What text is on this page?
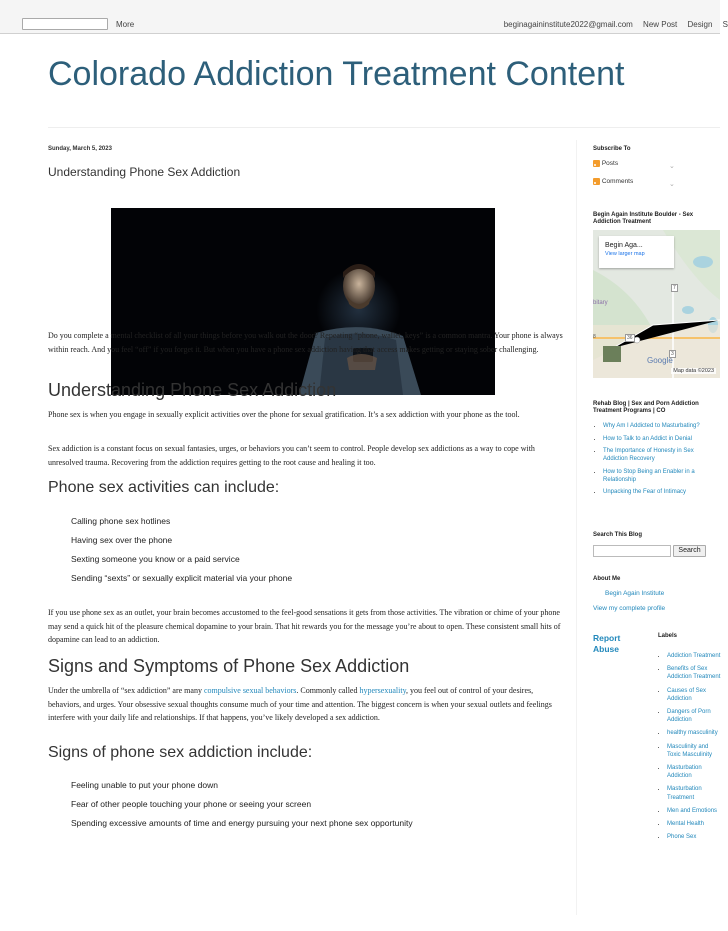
More	beginagaininstitute2022@gmail.com New Post Design S
Colorado Addiction Treatment Content
Sunday, March 5, 2023
Understanding Phone Sex Addiction

Do you complete a mental checklist of all your things before you walk out the door? Repeating “phone, wallet, keys” is a common mantra. Your phone is always within reach. And you feel “off” if you forget it. But when you have a phone sex addiction having that access makes getting or staying sober challenging.

Understanding Phone Sex Addiction

Phone sex is when you engage in sexually explicit activities over the phone for sexual gratification. It’s a sex addiction with your phone as the tool.

Sex addiction is a constant focus on sexual fantasies, urges, or behaviors you can’t seem to control. People develop sex addictions as a way to cope with unresolved trauma. Recovering from the addiction requires getting to the root cause and healing it too.

Phone sex activities can include:
Calling phone sex hotlines
Having sex over the phone
Sexting someone you know or a paid service
Sending “sexts” or sexually explicit material via your phone

If you use phone sex as an outlet, your brain becomes accustomed to the feel-good sensations it gets from those activities. The vibration or chime of your phone may send a quick hit of the pleasure chemical dopamine to your brain. That hit rewards you for the message you’re about to open. These consistent small hits of dopamine can lead to an addiction.

Signs and Symptoms of Phone Sex Addiction

Under the umbrella of “sex addiction” are many compulsive sexual behaviors. Commonly called hypersexuality, you feel out of control of your desires, behaviors, and urges. Your obsessive sexual thoughts consume much of your time and attention. The biggest concern is when your sexual outlets and feelings interfere with your daily life and relationships. If that happens, you’ve likely developed a sex addiction.

Signs of phone sex addiction include:
Feeling unable to put your phone down
Fear of other people touching your phone or seeing your screen
Spending excessive amounts of time and energy pursuing your next phone sex opportunity
Subscribe To
Posts	⌄
Comments	⌄
Begin Again Institute Boulder - Sex Addiction Treatment
Begin Aga...
View larger map
bitary
8	36
7
3
Google
Map data ©2023
Rehab Blog | Sex and Porn Addiction Treatment Programs | CO
• Why Am I Addicted to Masturbating?
• How to Talk to an Addict in Denial
• The Importance of Honesty in Sex Addiction Recovery
• How to Stop Being an Enabler in a Relationship
• Unpacking the Fear of Intimacy
Search This Blog
Search
About Me
Begin Again Institute
View my complete profile
Report Abuse
Labels
• Addiction Treatment
• Benefits of Sex Addiction Treatment
• Causes of Sex Addiction
• Dangers of Porn Addiction
• healthy masculinity
• Masculinity and Toxic Masculinity
• Masturbation Addiction
• Masturbation Treatment
• Men and Emotions
• Mental Health
• Phone Sex
